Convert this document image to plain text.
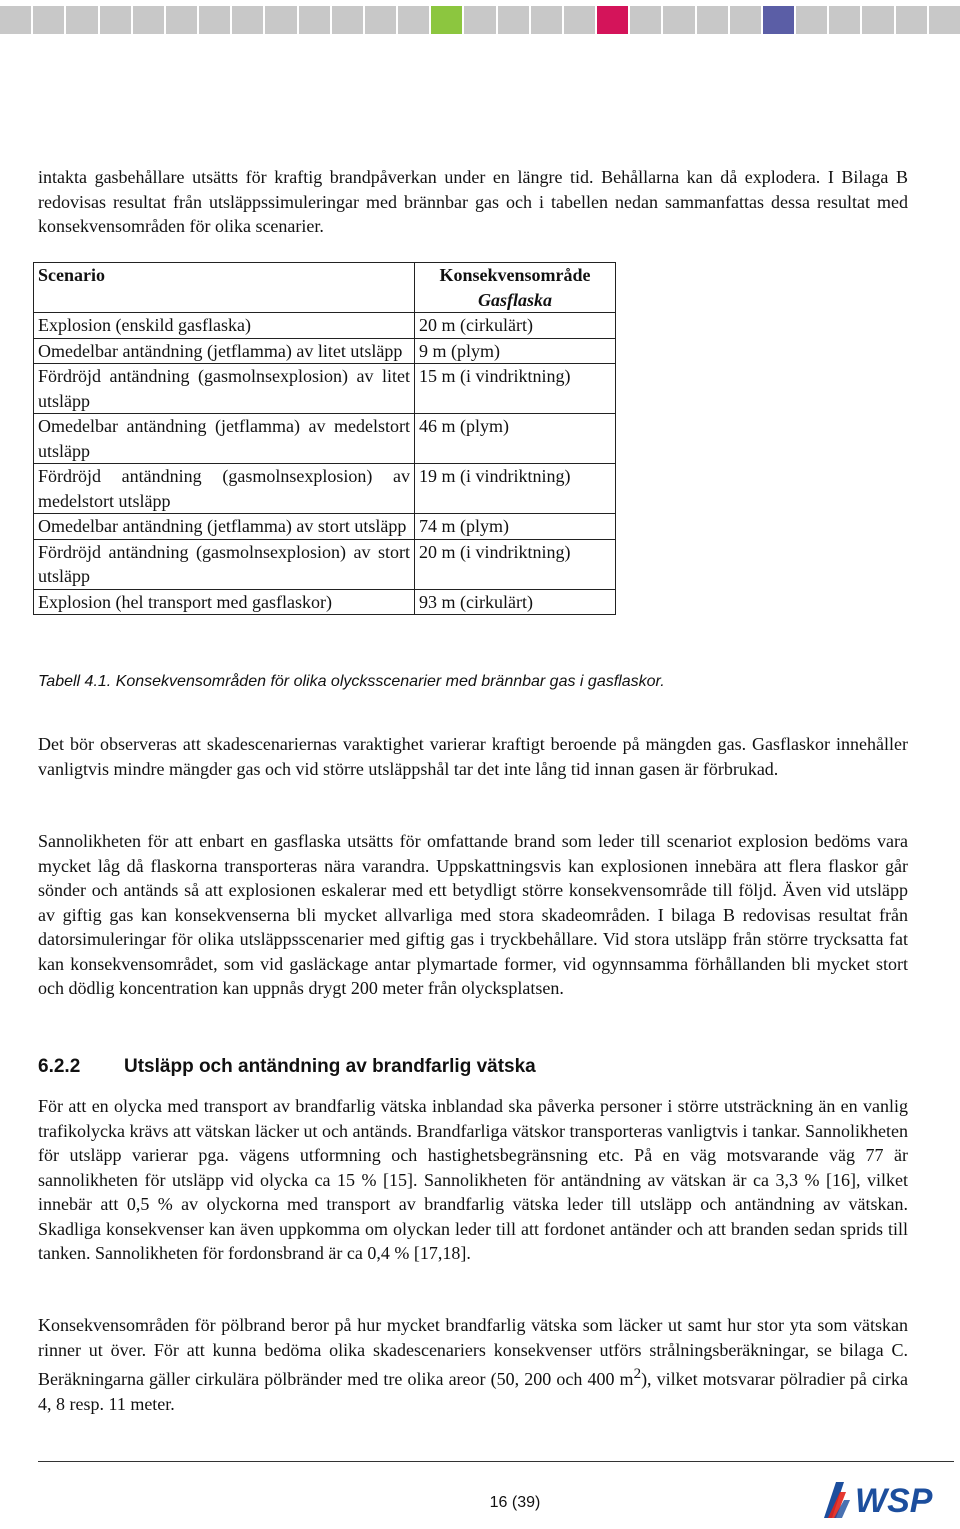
intakta gasbehållare utsätts för kraftig brandpåverkan under en längre tid. Behållarna kan då explodera. I Bilaga B redovisas resultat från utsläppssimuleringar med brännbar gas och i tabellen nedan sammanfattas dessa resultat med konsekvensområden för olika scenarier.

Scenario	Konsekvensområde
Gasflaska

Explosion (enskild gasflaska)	20 m (cirkulärt)
Omedelbar antändning (jetflamma) av litet utsläpp	9 m (plym)
Fördröjd antändning (gasmolnsexplosion) av litet utsläpp	15 m (i vindriktning)
Omedelbar antändning (jetflamma) av medelstort utsläpp	46 m (plym)
Fördröjd antändning (gasmolnsexplosion) av medelstort utsläpp	19 m (i vindriktning)
Omedelbar antändning (jetflamma) av stort utsläpp	74 m (plym)
Fördröjd antändning (gasmolnsexplosion) av stort utsläpp	20 m (i vindriktning)
Explosion (hel transport med gasflaskor)	93 m (cirkulärt)

Tabell 4.1. Konsekvensområden för olika olycksscenarier med brännbar gas i gasflaskor.

Det bör observeras att skadescenariernas varaktighet varierar kraftigt beroende på mängden gas. Gasflaskor innehåller vanligtvis mindre mängder gas och vid större utsläppshål tar det inte lång tid innan gasen är förbrukad.

Sannolikheten för att enbart en gasflaska utsätts för omfattande brand som leder till scenariot explosion bedöms vara mycket låg då flaskorna transporteras nära varandra. Uppskattningsvis kan explosionen innebära att flera flaskor går sönder och antänds så att explosionen eskalerar med ett betydligt större konsekvensområde till följd. Även vid utsläpp av giftig gas kan konsekvenserna bli mycket allvarliga med stora skadeområden. I bilaga B redovisas resultat från datorsimuleringar för olika utsläppsscenarier med giftig gas i tryckbehållare. Vid stora utsläpp från större trycksatta fat kan konsekvensområdet, som vid gasläckage antar plymartade former, vid ogynnsamma förhållanden bli mycket stort och dödlig koncentration kan uppnås drygt 200 meter från olycksplatsen.

6.2.2	Utsläpp och antändning av brandfarlig vätska

För att en olycka med transport av brandfarlig vätska inblandad ska påverka personer i större utsträckning än en vanlig trafikolycka krävs att vätskan läcker ut och antänds. Brandfarliga vätskor transporteras vanligtvis i tankar. Sannolikheten för utsläpp varierar pga. vägens utformning och hastighetsbegränsning etc. På en väg motsvarande väg 77 är sannolikheten för utsläpp vid olycka ca 15 % [15]. Sannolikheten för antändning av vätskan är ca 3,3 % [16], vilket innebär att 0,5 % av olyckorna med transport av brandfarlig vätska leder till utsläpp och antändning av vätskan. Skadliga konsekvenser kan även uppkomma om olyckan leder till att fordonet antänder och att branden sedan sprids till tanken. Sannolikheten för fordonsbrand är ca 0,4 % [17,18].

Konsekvensområden för pölbrand beror på hur mycket brandfarlig vätska som läcker ut samt hur stor yta som vätskan rinner ut över. För att kunna bedöma olika skadescenariers konsekvenser utförs strålningsberäkningar, se bilaga C. Beräkningarna gäller cirkulära pölbränder med tre olika areor (50, 200 och 400 $m^2$), vilket motsvarar pölradier på cirka 4, 8 resp. 11 meter.

16 (39)	WSP
